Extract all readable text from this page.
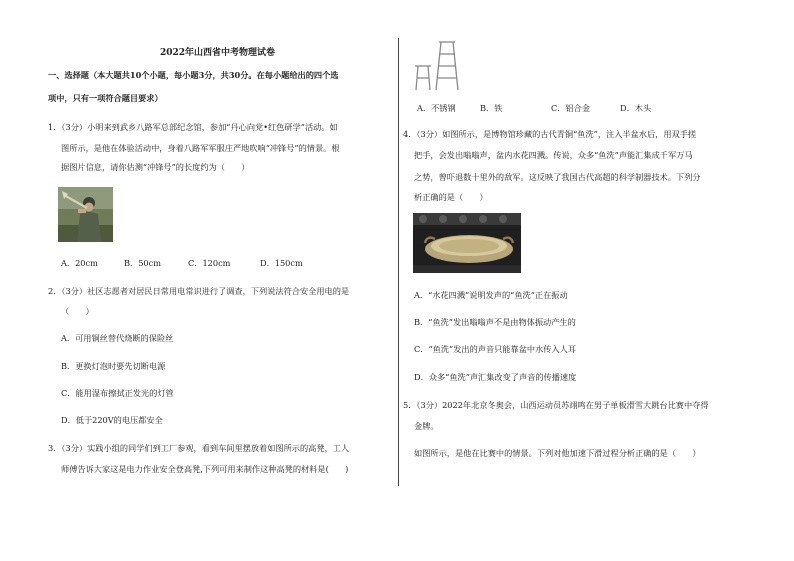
2022年山西省中考物理试卷
一、选择题（本大题共10个小题，每小题3分，共30分。在每小题给出的四个选
项中，只有一项符合题目要求）
1．（3分）小明来到武乡八路军总部纪念馆，参加“丹心向党•红色研学”活动。如
图所示，是他在体验活动中，身着八路军军服庄严地吹响“冲锋号”的情景。根
据图片信息，请你估测“冲锋号”的长度约为（　　）
A．20cm	B．50cm	C．120cm	D．150cm
2．（3分）社区志愿者对居民日常用电常识进行了调查，下列说法符合安全用电的是
（　　）
A．可用铜丝替代烧断的保险丝
B．更换灯泡时要先切断电源
C．能用湿布擦拭正发光的灯管
D．低于220V的电压都安全
3．（3分）实践小组的同学们到工厂参观，看到车间里摆放着如图所示的高凳，工人
师傅告诉大家这是电力作业安全登高凳,下列可用来制作这种高凳的材料是(　　)
A．不锈钢	B．铁	C．铝合金	D．木头
4．（3分）如图所示，是博物馆珍藏的古代青铜“鱼洗”，注入半盆水后，用双手搓
把手，会发出嗡嗡声，盆内水花四溅。传说，众多“鱼洗”声能汇集成千军万马
之势，曾吓退数十里外的敌军。这反映了我国古代高超的科学制器技术。下列分
析正确的是（　　）
A．“水花四溅”说明发声的“鱼洗”正在振动
B．“鱼洗”发出嗡嗡声不是由物体振动产生的
C．“鱼洗”发出的声音只能靠盆中水传入人耳
D．众多“鱼洗”声汇集改变了声音的传播速度
5．（3分）2022年北京冬奥会，山西运动员苏翊鸣在男子单板滑雪大跳台比赛中夺得
金牌。
如图所示，是他在比赛中的情景。下列对他加速下滑过程分析正确的是（　　）
